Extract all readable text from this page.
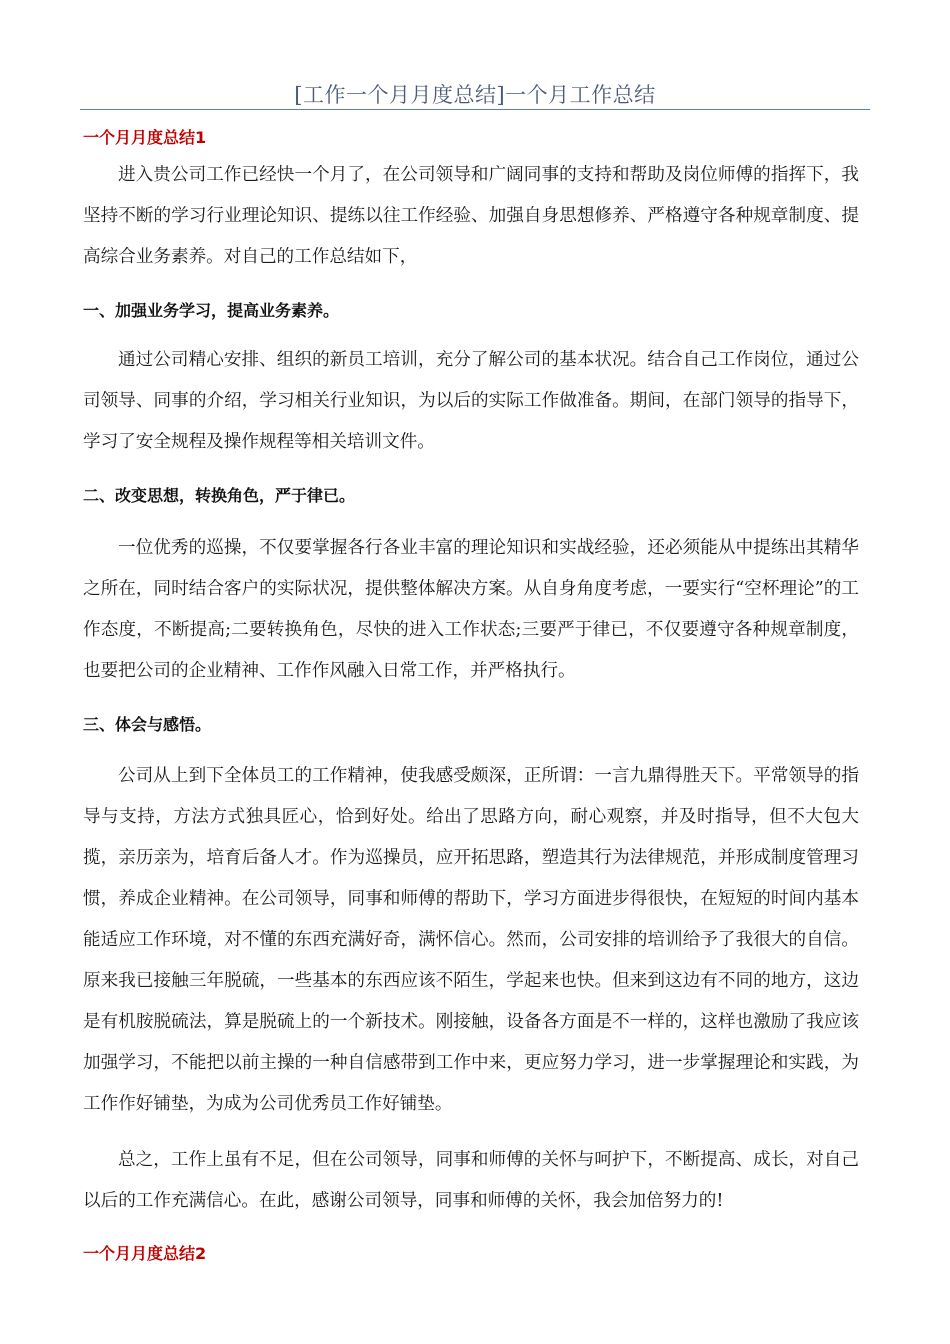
[工作一个月月度总结]一个月工作总结
一个月月度总结1

进入贵公司工作已经快一个月了，在公司领导和广阔同事的支持和帮助及岗位师傅的指挥下，我坚持不断的学习行业理论知识、提练以往工作经验、加强自身思想修养、严格遵守各种规章制度、提高综合业务素养。对自己的工作总结如下，

一、加强业务学习，提高业务素养。

通过公司精心安排、组织的新员工培训，充分了解公司的基本状况。结合自己工作岗位，通过公司领导、同事的介绍，学习相关行业知识，为以后的实际工作做准备。期间，在部门领导的指导下，学习了安全规程及操作规程等相关培训文件。

二、改变思想，转换角色，严于律已。

一位优秀的巡操，不仅要掌握各行各业丰富的理论知识和实战经验，还必须能从中提练出其精华之所在，同时结合客户的实际状况，提供整体解决方案。从自身角度考虑，一要实行“空杯理论”的工作态度，不断提高;二要转换角色，尽快的进入工作状态;三要严于律已，不仅要遵守各种规章制度，也要把公司的企业精神、工作作风融入日常工作，并严格执行。

三、体会与感悟。

公司从上到下全体员工的工作精神，使我感受颇深，正所谓：一言九鼎得胜天下。平常领导的指导与支持，方法方式独具匠心，恰到好处。给出了思路方向，耐心观察，并及时指导，但不大包大揽，亲历亲为，培育后备人才。作为巡操员，应开拓思路，塑造其行为法律规范，并形成制度管理习惯，养成企业精神。在公司领导，同事和师傅的帮助下，学习方面进步得很快，在短短的时间内基本能适应工作环境，对不懂的东西充满好奇，满怀信心。然而，公司安排的培训给予了我很大的自信。原来我已接触三年脱硫，一些基本的东西应该不陌生，学起来也快。但来到这边有不同的地方，这边是有机胺脱硫法，算是脱硫上的一个新技术。刚接触，设备各方面是不一样的，这样也激励了我应该加强学习，不能把以前主操的一种自信感带到工作中来，更应努力学习，进一步掌握理论和实践，为工作作好铺垫，为成为公司优秀员工作好铺垫。

总之，工作上虽有不足，但在公司领导，同事和师傅的关怀与呵护下，不断提高、成长，对自己以后的工作充满信心。在此，感谢公司领导，同事和师傅的关怀，我会加倍努力的!

一个月月度总结2
